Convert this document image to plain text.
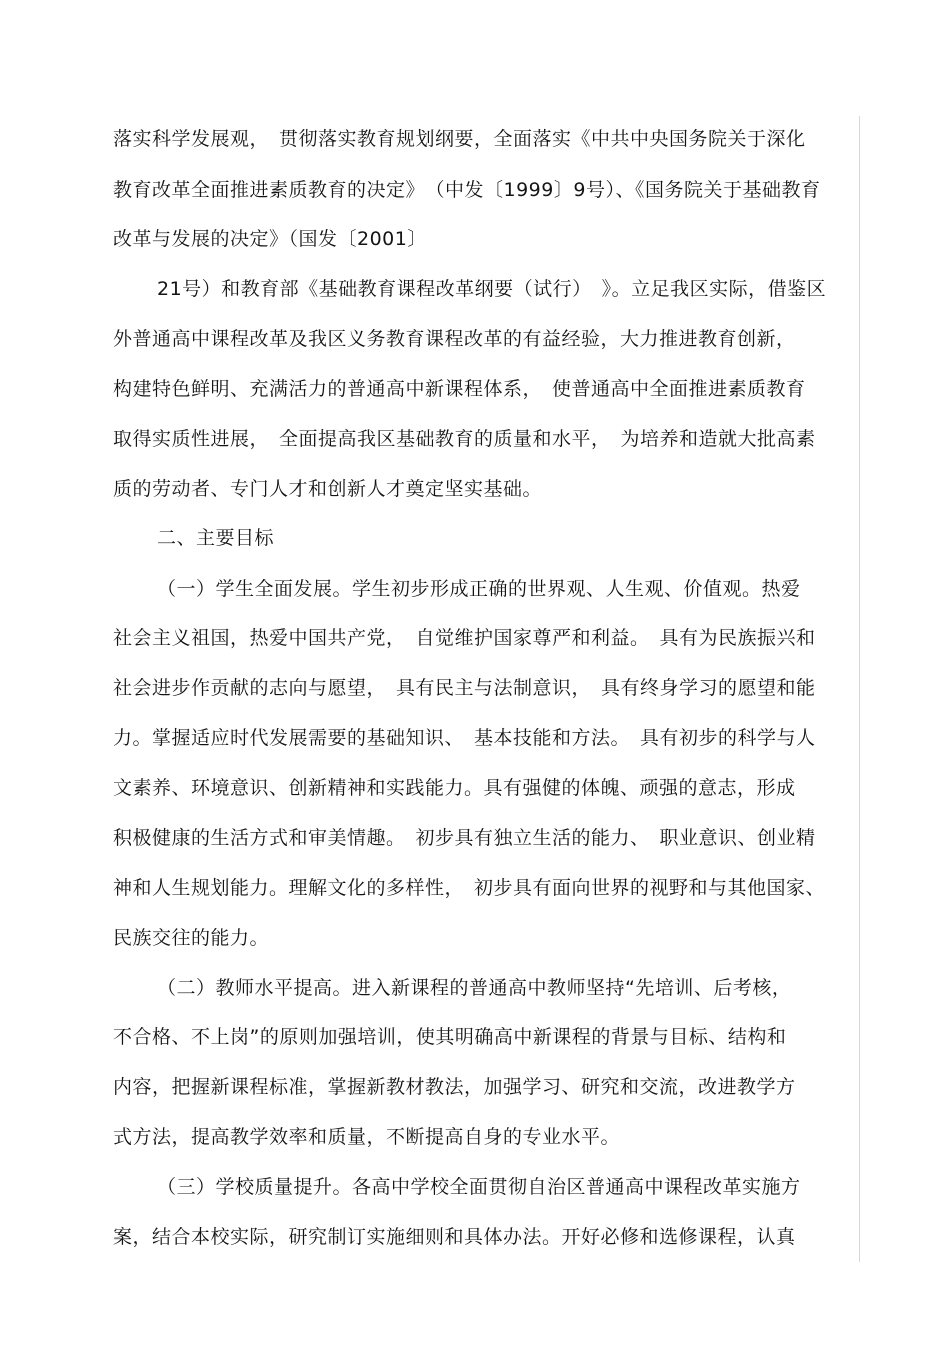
落实科学发展观，　贯彻落实教育规划纲要，全面落实《中共中央国务院关于深化
教育改革全面推进素质教育的决定》　（中发〔1999〕9号）、《国务院关于基础教育
改革与发展的决定》（国发〔2001〕
21号）和教育部《基础教育课程改革纲要（试行）　》。立足我区实际，借鉴区
外普通高中课程改革及我区义务教育课程改革的有益经验，大力推进教育创新，
构建特色鲜明、充满活力的普通高中新课程体系，　使普通高中全面推进素质教育
取得实质性进展，　全面提高我区基础教育的质量和水平，　为培养和造就大批高素
质的劳动者、专门人才和创新人才奠定坚实基础。
二、主要目标
（一）学生全面发展。学生初步形成正确的世界观、人生观、价值观。热爱
社会主义祖国，热爱中国共产党，　自觉维护国家尊严和利益。　具有为民族振兴和
社会进步作贡献的志向与愿望，　具有民主与法制意识，　具有终身学习的愿望和能
力。掌握适应时代发展需要的基础知识、　基本技能和方法。　具有初步的科学与人
文素养、环境意识、创新精神和实践能力。具有强健的体魄、顽强的意志，形成
积极健康的生活方式和审美情趣。　初步具有独立生活的能力、　职业意识、创业精
神和人生规划能力。理解文化的多样性，　初步具有面向世界的视野和与其他国家、
民族交往的能力。
（二）教师水平提高。进入新课程的普通高中教师坚持“先培训、后考核，
不合格、不上岗”的原则加强培训，使其明确高中新课程的背景与目标、结构和
内容，把握新课程标准，掌握新教材教法，加强学习、研究和交流，改进教学方
式方法，提高教学效率和质量，不断提高自身的专业水平。
（三）学校质量提升。各高中学校全面贯彻自治区普通高中课程改革实施方
案，结合本校实际，研究制订实施细则和具体办法。开好必修和选修课程，认真
